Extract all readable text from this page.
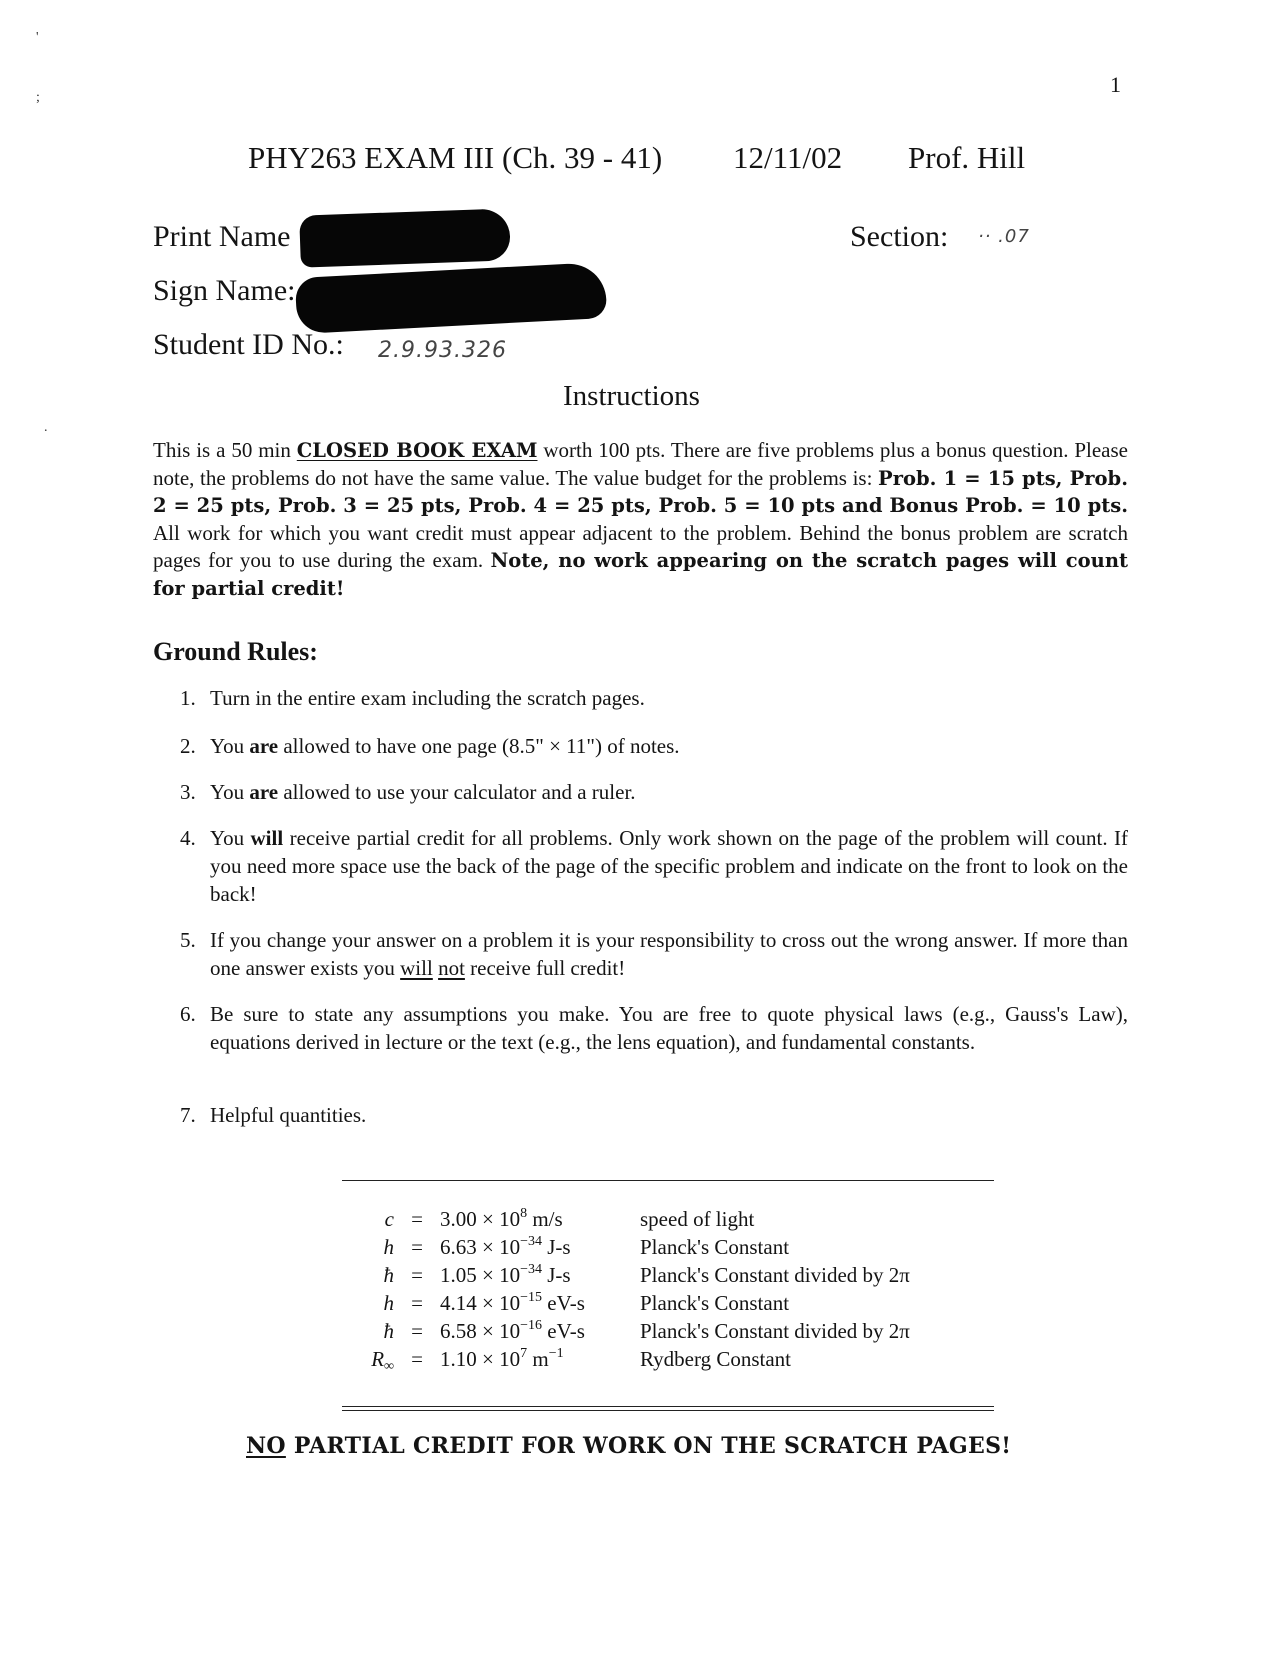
'
;
.
1
PHY263 EXAM III (Ch. 39 - 41) 12/11/02 Prof. Hill
Print Name
Sign Name:
Student ID No.: 2.9.93.326
Section: ·· .07
Instructions
This is a 50 min CLOSED BOOK EXAM worth 100 pts. There are five problems plus a bonus question. Please note, the problems do not have the same value. The value budget for the problems is: Prob. 1 = 15 pts, Prob. 2 = 25 pts, Prob. 3 = 25 pts, Prob. 4 = 25 pts, Prob. 5 = 10 pts and Bonus Prob. = 10 pts. All work for which you want credit must appear adjacent to the problem. Behind the bonus problem are scratch pages for you to use during the exam. Note, no work appearing on the scratch pages will count for partial credit!
Ground Rules:
1. Turn in the entire exam including the scratch pages.
2. You are allowed to have one page (8.5" × 11") of notes.
3. You are allowed to use your calculator and a ruler.
4. You will receive partial credit for all problems. Only work shown on the page of the problem will count. If you need more space use the back of the page of the specific problem and indicate on the front to look on the back!
5. If you change your answer on a problem it is your responsibility to cross out the wrong answer. If more than one answer exists you will not receive full credit!
6. Be sure to state any assumptions you make. You are free to quote physical laws (e.g., Gauss's Law), equations derived in lecture or the text (e.g., the lens equation), and fundamental constants.
7. Helpful quantities.
c	=	$3.00 \times 10^8$ m/s	speed of light
h	=	$6.63 \times 10^{-34}$ J-s	Planck's Constant
ħ	=	$1.05 \times 10^{-34}$ J-s	Planck's Constant divided by 2π
h	=	$4.14 \times 10^{-15}$ eV-s	Planck's Constant
ħ	=	$6.58 \times 10^{-16}$ eV-s	Planck's Constant divided by 2π
$R_\infty$	=	$1.10 \times 10^7$ $m^{-1}$	Rydberg Constant
NO PARTIAL CREDIT FOR WORK ON THE SCRATCH PAGES!
